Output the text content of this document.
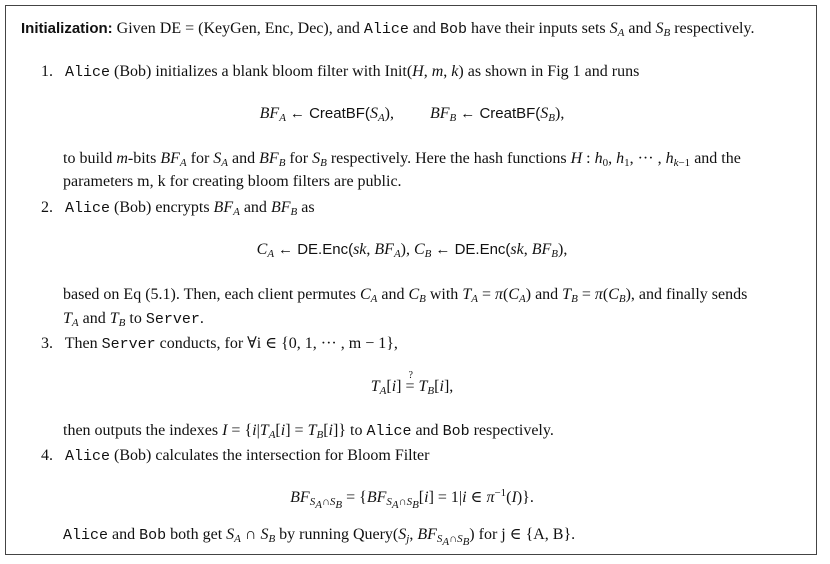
Initialization: Given DE = (KeyGen, Enc, Dec), and Alice and Bob have their inputs sets $S_A$ and $S_B$ respectively.
1. Alice (Bob) initializes a blank bloom filter with Init(H, m, k) as shown in Fig 1 and runs
$BF_A$ ← $CreatBF(S_A)$,         $BF_B$ ← $CreatBF(S_B)$,
to build m-bits $BF_A$ for $S_A$ and $BF_B$ for $S_B$ respectively. Here the hash functions H : $h_0$, $h_1$, ··· , $h_{k-1}$ and the
parameters m, k for creating bloom filters are public.
2. Alice (Bob) encrypts $BF_A$ and $BF_B$ as
$C_A$ ← DE.Enc(sk, $BF_A$), $C_B$ ← DE.Enc(sk, $BF_B$),
based on Eq (5.1). Then, each client permutes $C_A$ and $C_B$ with $T_A = \pi(C_A)$ and $T_B = \pi(C_B)$, and finally sends
$T_A$ and $T_B$ to Server.
3. Then Server conducts, for ∀i ∈ {0, 1, ··· , m − 1},
$T_A[i]$ =
?
$T_B[i]$,
then outputs the indexes $I = \{i|T_A[i] = T_B[i]\}$ to Alice and Bob respectively.
4. Alice (Bob) calculates the intersection for Bloom Filter
$BF_{S_A\cap S_B} = \{BF_{S_A\cap S_B}[i] = 1|i$ ∈ $\pi^{-1}(I)$}.
Alice and Bob both get $S_A$ ∩ $S_B$ by running $Query(S_j$, $BF_{S_A\cap S_B}$) for j ∈ {A, B}.
